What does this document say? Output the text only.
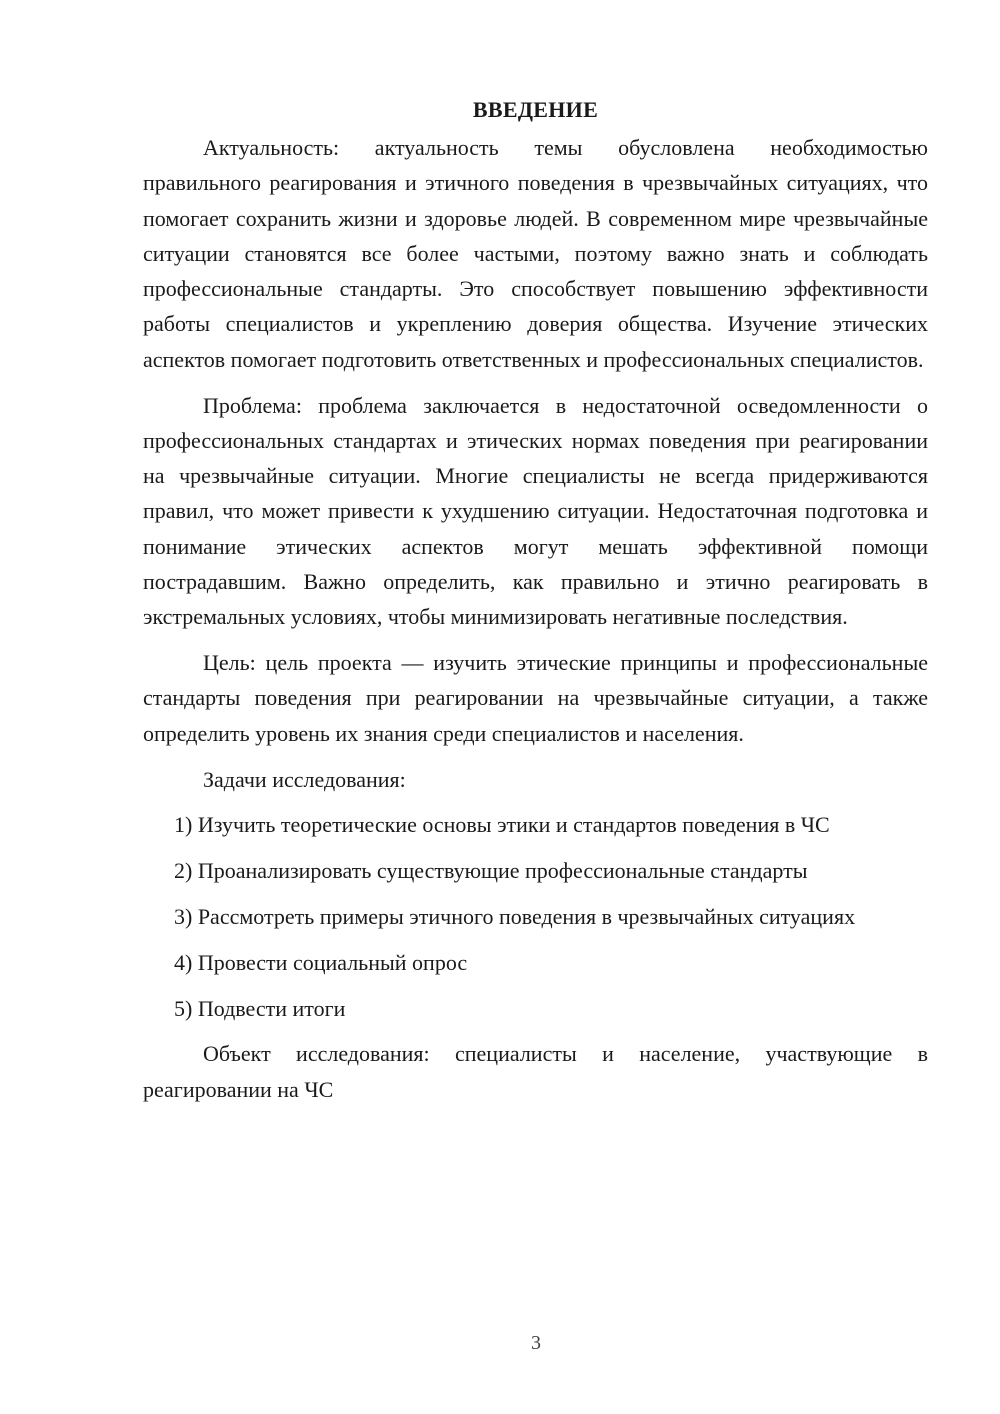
ВВЕДЕНИЕ

Актуальность: актуальность темы обусловлена необходимостью правильного реагирования и этичного поведения в чрезвычайных ситуациях, что помогает сохранить жизни и здоровье людей. В современном мире чрезвычайные ситуации становятся все более частыми, поэтому важно знать и соблюдать профессиональные стандарты. Это способствует повышению эффективности работы специалистов и укреплению доверия общества. Изучение этических аспектов помогает подготовить ответственных и профессиональных специалистов.

Проблема: проблема заключается в недостаточной осведомленности о профессиональных стандартах и этических нормах поведения при реагировании на чрезвычайные ситуации. Многие специалисты не всегда придерживаются правил, что может привести к ухудшению ситуации. Недостаточная подготовка и понимание этических аспектов могут мешать эффективной помощи пострадавшим. Важно определить, как правильно и этично реагировать в экстремальных условиях, чтобы минимизировать негативные последствия.

Цель: цель проекта — изучить этические принципы и профессиональные стандарты поведения при реагировании на чрезвычайные ситуации, а также определить уровень их знания среди специалистов и населения.

Задачи исследования:

1) Изучить теоретические основы этики и стандартов поведения в ЧС

2) Проанализировать существующие профессиональные стандарты

3) Рассмотреть примеры этичного поведения в чрезвычайных ситуациях

4) Провести социальный опрос

5) Подвести итоги

Объект исследования: специалисты и население, участвующие в реагировании на ЧС

3
